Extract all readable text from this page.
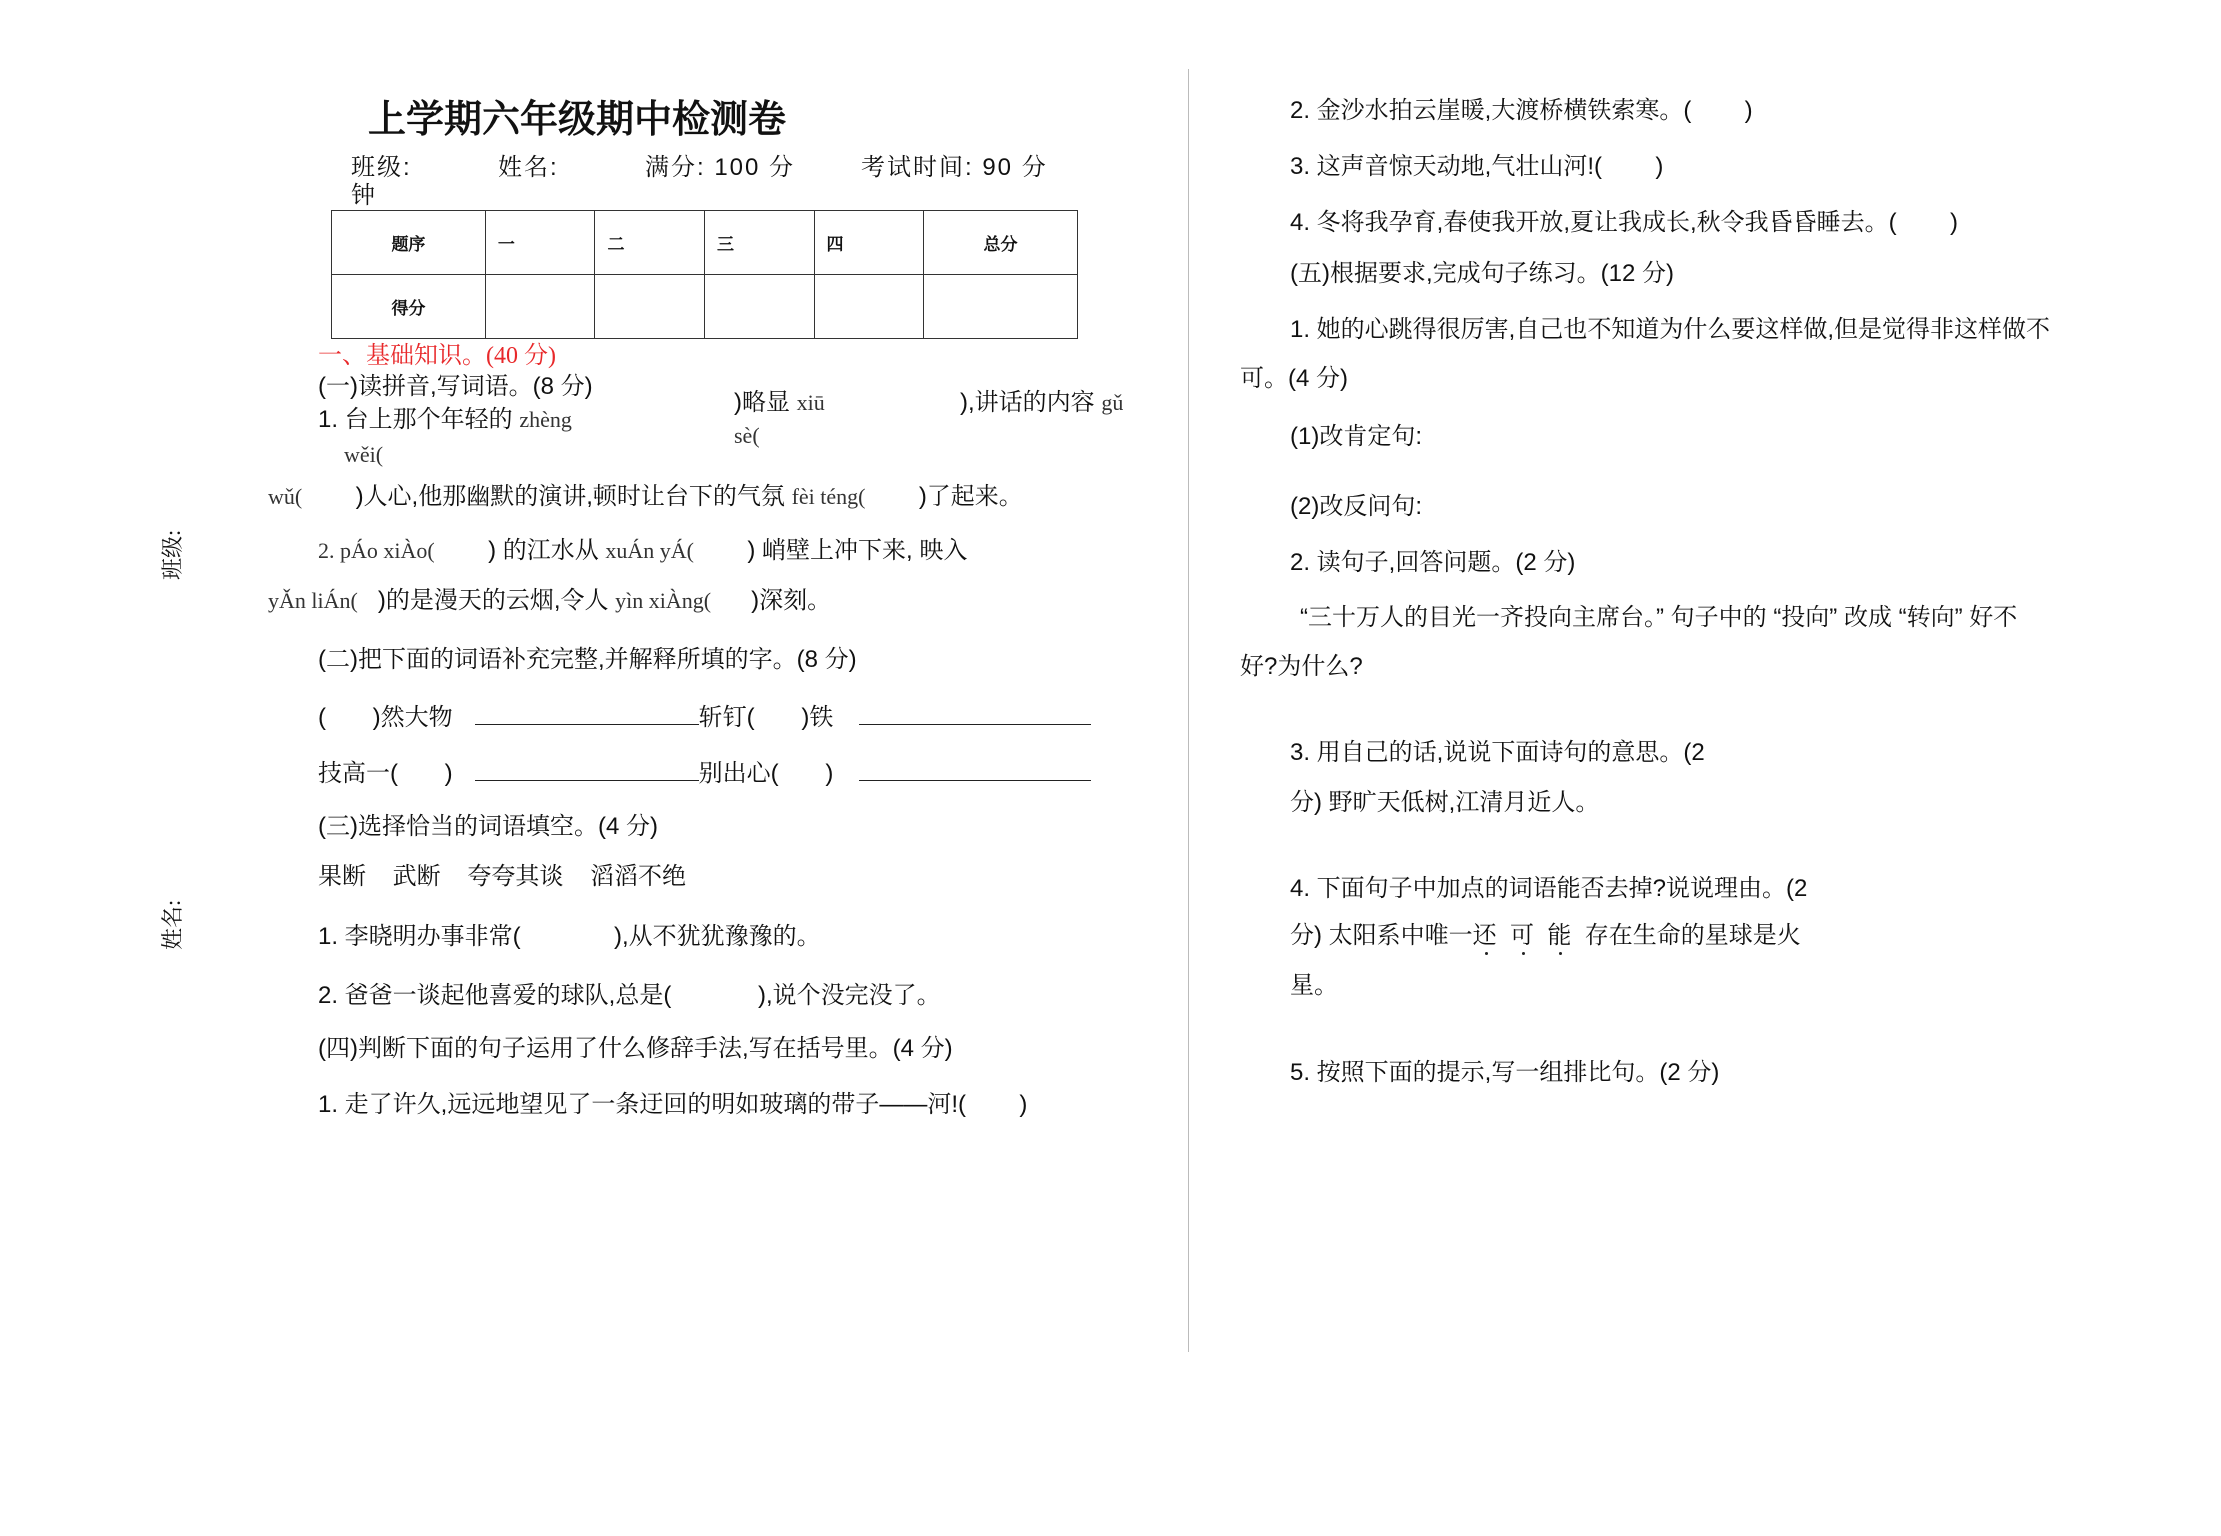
上学期六年级期中检测卷
班级:	姓名:	满分: 100 分	考试时间: 90 分
钟
题序	一	二	三	四	总分
得分					
一、基础知识。(40 分)
班级:
姓名:
(一)读拼音,写词语。(8 分)
1. 台上那个年轻的 zhèng
wěi(
)略显 xiū
sè(
),讲话的内容 gǔ
wǔ(        )人心,他那幽默的演讲,顿时让台下的气氛 fèi téng(        )了起来。
2. pÁo xiÀo(        ) 的江水从 xuÁn yÁ(        ) 峭壁上冲下来, 映入
yǍn liÁn(   )的是漫天的云烟,令人 yìn xiÀng(      )深刻。
(二)把下面的词语补充完整,并解释所填的字。(8 分)
(       )然大物	斩钉(       )铁
技高一(       )	别出心(       )
(三)选择恰当的词语填空。(4 分)
果断    武断    夸夸其谈    滔滔不绝
1. 李晓明办事非常(              ),从不犹犹豫豫的。
2. 爸爸一谈起他喜爱的球队,总是(             ),说个没完没了。
(四)判断下面的句子运用了什么修辞手法,写在括号里。(4 分)
1. 走了许久,远远地望见了一条迂回的明如玻璃的带子——河!(        )
2. 金沙水拍云崖暖,大渡桥横铁索寒。(        )
3. 这声音惊天动地,气壮山河!(        )
4. 冬将我孕育,春使我开放,夏让我成长,秋令我昏昏睡去。(        )
(五)根据要求,完成句子练习。(12 分)
1. 她的心跳得很厉害,自己也不知道为什么要这样做,但是觉得非这样做不
可。(4 分)
(1)改肯定句:
(2)改反问句:
2. 读句子,回答问题。(2 分)
“三十万人的目光一齐投向主席台。” 句子中的 “投向” 改成 “转向” 好不
好?为什么?
3. 用自己的话,说说下面诗句的意思。(2
分) 野旷天低树,江清月近人。
4. 下面句子中加点的词语能否去掉?说说理由。(2
分) 太阳系中唯一还 可 能 存在生命的星球是火
星。
5. 按照下面的提示,写一组排比句。(2 分)
